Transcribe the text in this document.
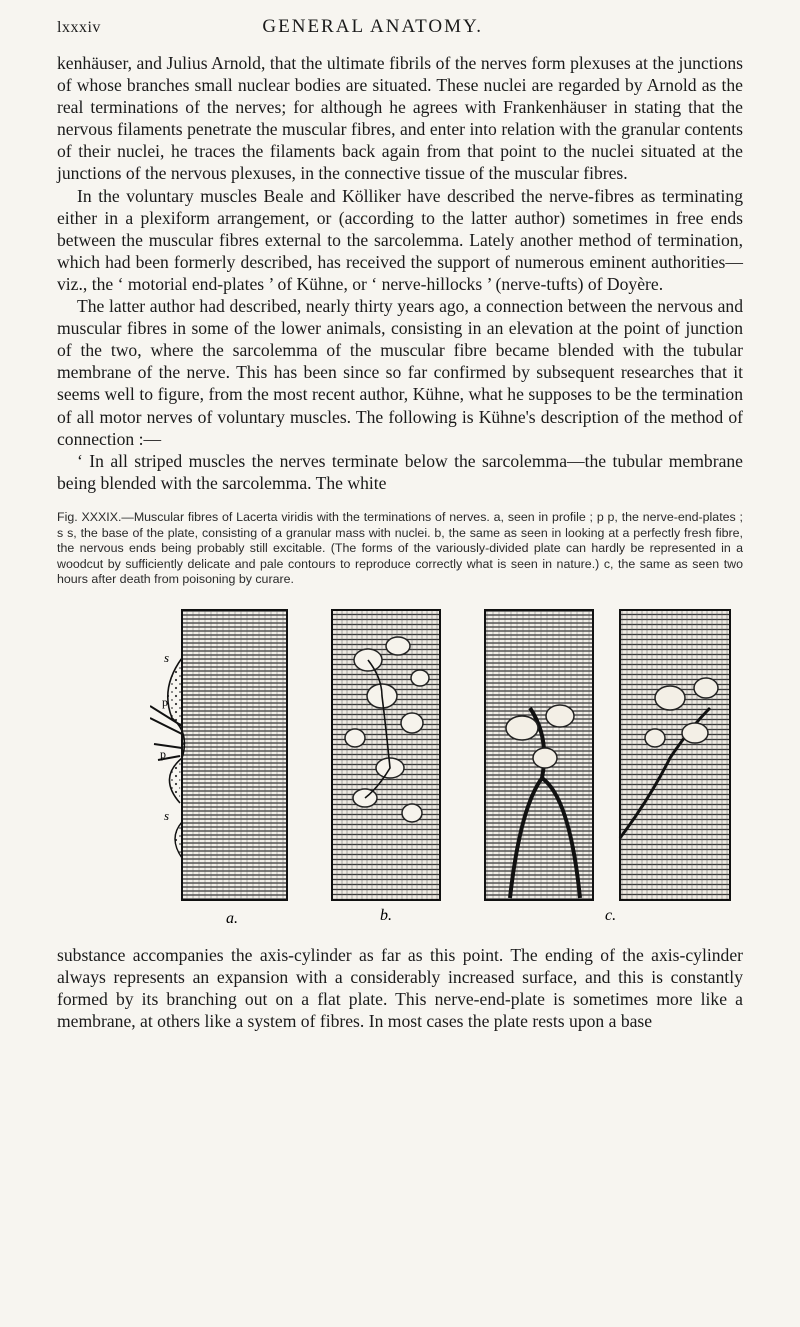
lxxxiv	GENERAL ANATOMY.

kenhäuser, and Julius Arnold, that the ultimate fibrils of the nerves form plexuses at the junctions of whose branches small nuclear bodies are situated. These nuclei are regarded by Arnold as the real terminations of the nerves; for although he agrees with Frankenhäuser in stating that the nervous filaments penetrate the muscular fibres, and enter into relation with the granular contents of their nuclei, he traces the filaments back again from that point to the nuclei situated at the junctions of the nervous plexuses, in the connective tissue of the muscular fibres.

In the voluntary muscles Beale and Kölliker have described the nerve-fibres as terminating either in a plexiform arrangement, or (according to the latter author) sometimes in free ends between the muscular fibres external to the sarcolemma. Lately another method of termination, which had been formerly described, has received the support of numerous eminent authorities—viz., the ‘ motorial end-plates ’ of Kühne, or ‘ nerve-hillocks ’ (nerve-tufts) of Doyère.

The latter author had described, nearly thirty years ago, a connection between the nervous and muscular fibres in some of the lower animals, consisting in an elevation at the point of junction of the two, where the sarcolemma of the muscular fibre became blended with the tubular membrane of the nerve. This has been since so far confirmed by subsequent researches that it seems well to figure, from the most recent author, Kühne, what he supposes to be the termination of all motor nerves of voluntary muscles. The following is Kühne's description of the method of connection :—

‘ In all striped muscles the nerves terminate below the sarcolemma—the tubular membrane being blended with the sarcolemma. The white

Fig. XXXIX.—Muscular fibres of Lacerta viridis with the terminations of nerves. a, seen in profile ; p p, the nerve-end-plates ; s s, the base of the plate, consisting of a granular mass with nuclei. b, the same as seen in looking at a perfectly fresh fibre, the nervous ends being probably still excitable. (The forms of the variously-divided plate can hardly be represented in a woodcut by sufficiently delicate and pale contours to reproduce correctly what is seen in nature.) c, the same as seen two hours after death from poisoning by curare.
s
p
p
s
a.	b.	c.

substance accompanies the axis-cylinder as far as this point. The ending of the axis-cylinder always represents an expansion with a considerably increased surface, and this is constantly formed by its branching out on a flat plate. This nerve-end-plate is sometimes more like a membrane, at others like a system of fibres. In most cases the plate rests upon a base
